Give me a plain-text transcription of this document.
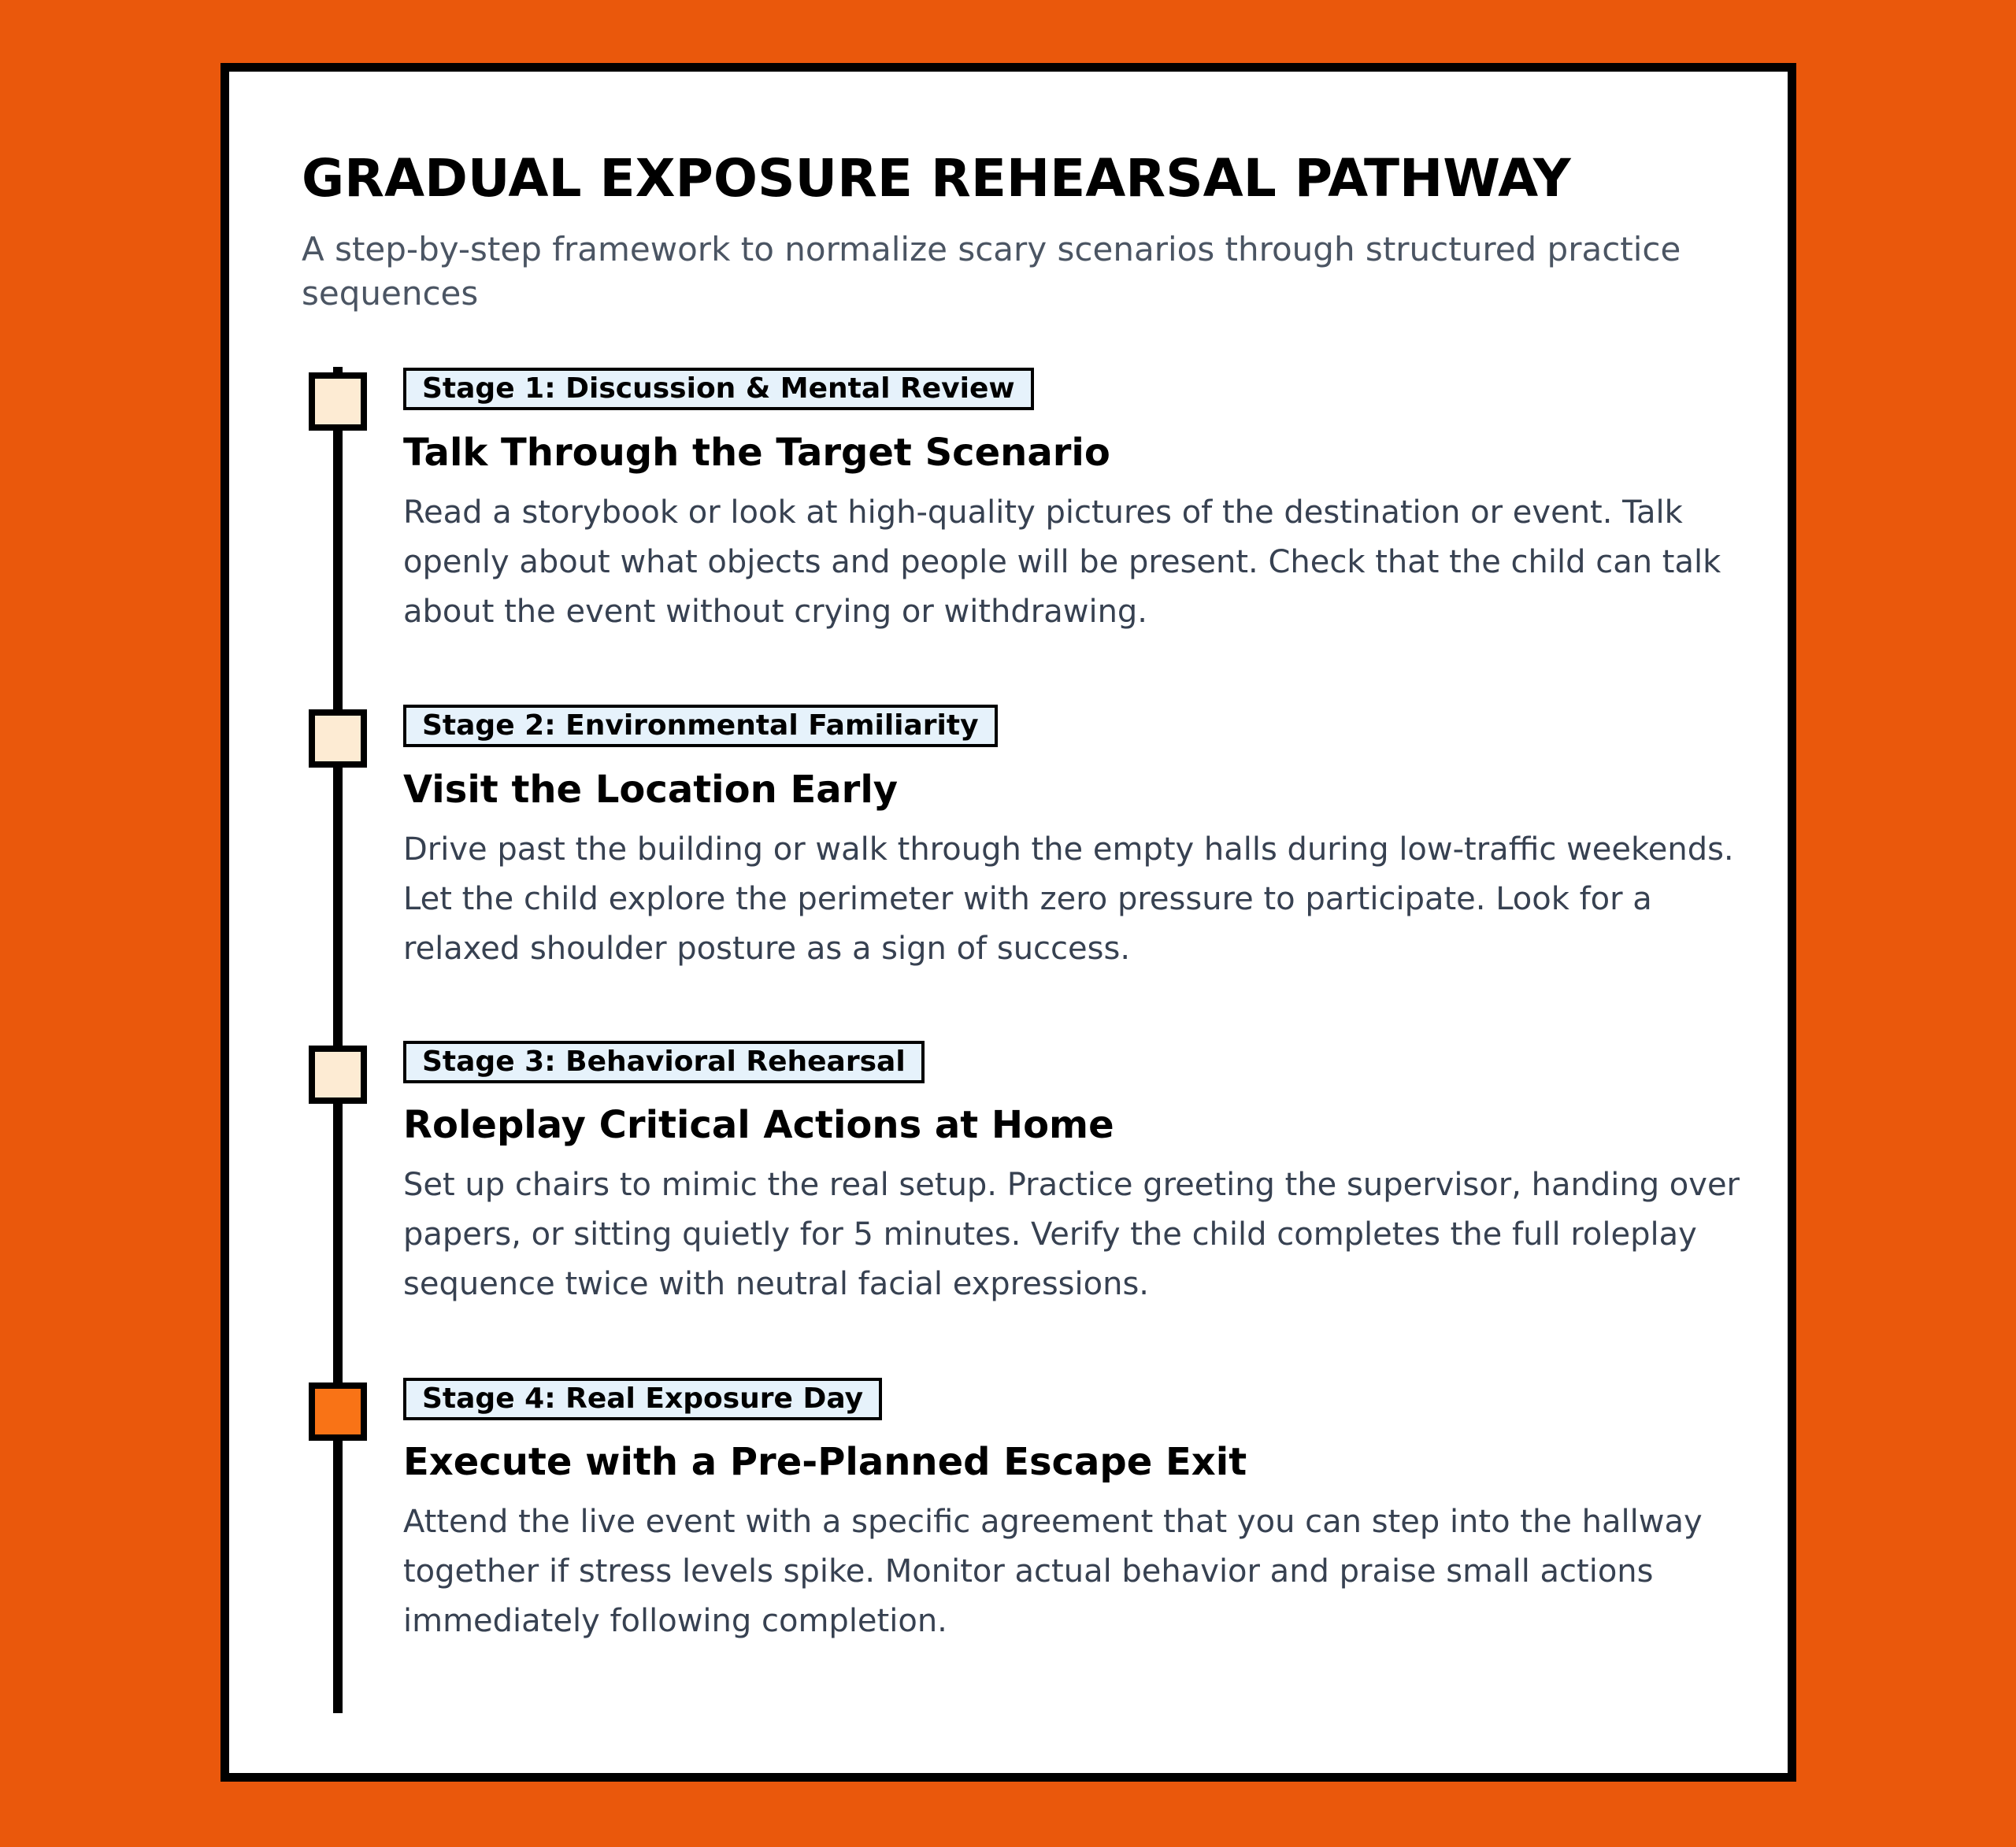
GRADUAL EXPOSURE REHEARSAL PATHWAY

A step-by-step framework to normalize scary scenarios through structured practice sequences

Stage 1: Discussion & Mental Review
Talk Through the Target Scenario

Read a storybook or look at high-quality pictures of the destination or event. Talk openly about what objects and people will be present. Check that the child can talk about the event without crying or withdrawing.

Stage 2: Environmental Familiarity
Visit the Location Early

Drive past the building or walk through the empty halls during low-traffic weekends. Let the child explore the perimeter with zero pressure to participate. Look for a relaxed shoulder posture as a sign of success.

Stage 3: Behavioral Rehearsal
Roleplay Critical Actions at Home

Set up chairs to mimic the real setup. Practice greeting the supervisor, handing over papers, or sitting quietly for 5 minutes. Verify the child completes the full roleplay sequence twice with neutral facial expressions.

Stage 4: Real Exposure Day
Execute with a Pre-Planned Escape Exit

Attend the live event with a specific agreement that you can step into the hallway together if stress levels spike. Monitor actual behavior and praise small actions immediately following completion.
